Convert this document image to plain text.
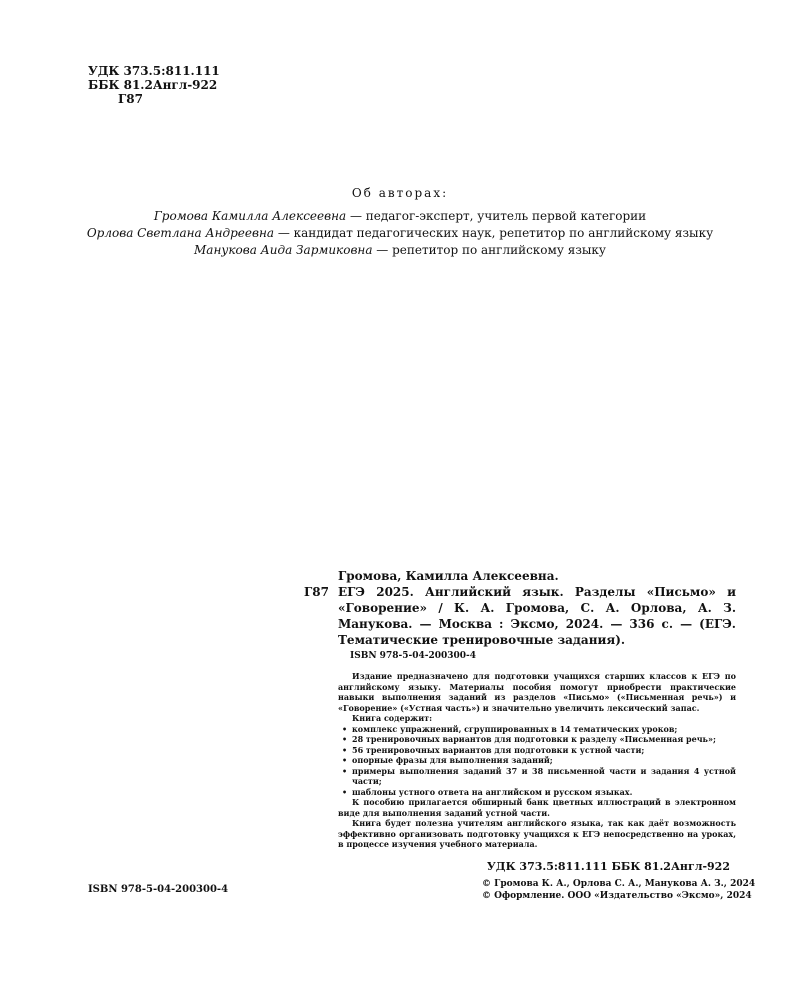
УДК 373.5:811.111
ББК 81.2Англ-922
Г87
Об авторах:
Громова Камилла Алексеевна — педагог-эксперт, учитель первой категории
Орлова Светлана Андреевна — кандидат педагогических наук, репетитор по английскому языку
Манукова Аида Зармиковна — репетитор по английскому языку
Громова, Камилла Алексеевна.
Г87 ЕГЭ 2025. Английский язык. Разделы «Письмо» и «Говорение» / К. А. Громова, С. А. Орлова, А. З. Манукова. — Москва : Эксмо, 2024. — 336 с. — (ЕГЭ. Тематические тренировочные задания).
ISBN 978-5-04-200300-4

Издание предназначено для подготовки учащихся старших классов к ЕГЭ по английскому языку. Материалы пособия помогут приобрести практические навыки выполнения заданий из разделов «Письмо» («Письменная речь») и «Говорение» («Устная часть») и значительно увеличить лексический запас.

Книга содержит:

• комплекс упражнений, сгруппированных в 14 тематических уроков;
• 28 тренировочных вариантов для подготовки к разделу «Письменная речь»;
• 56 тренировочных вариантов для подготовки к устной части;
• опорные фразы для выполнения заданий;
• примеры выполнения заданий 37 и 38 письменной части и задания 4 устной части;
• шаблоны устного ответа на английском и русском языках.

К пособию прилагается обширный банк цветных иллюстраций в электронном виде для выполнения заданий устной части.

Книга будет полезна учителям английского языка, так как даёт возможность эффективно организовать подготовку учащихся к ЕГЭ непосредственно на уроках, в процессе изучения учебного материала.

УДК 373.5:811.111 ББК 81.2Англ-922
ISBN 978-5-04-200300-4	© Громова К. А., Орлова С. А., Манукова А. З., 2024
© Оформление. ООО «Издательство «Эксмо», 2024
